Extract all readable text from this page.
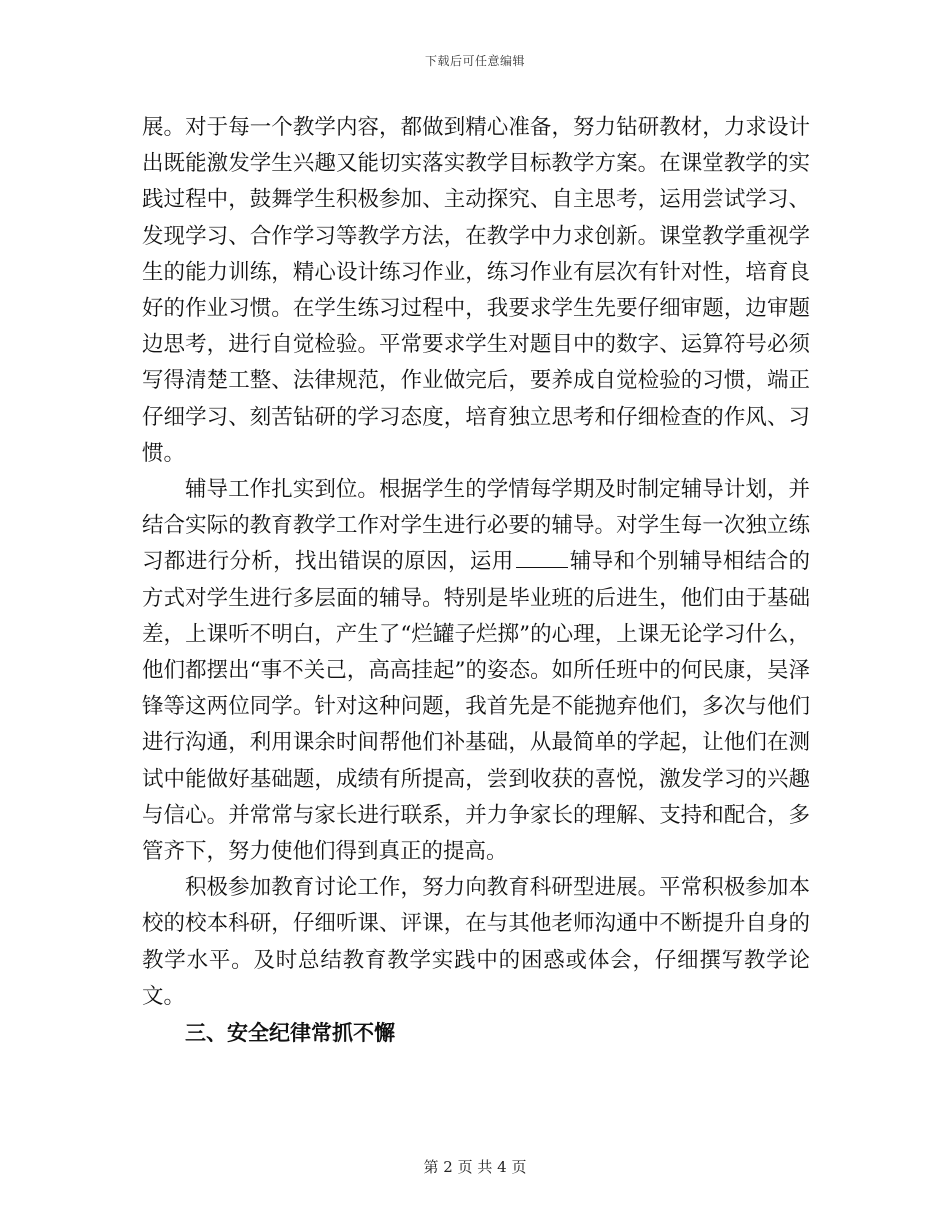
下载后可任意编辑

展。对于每一个教学内容，都做到精心准备，努力钻研教材，力求设计出既能激发学生兴趣又能切实落实教学目标教学方案。在课堂教学的实践过程中，鼓舞学生积极参加、主动探究、自主思考，运用尝试学习、发现学习、合作学习等教学方法，在教学中力求创新。课堂教学重视学生的能力训练，精心设计练习作业，练习作业有层次有针对性，培育良好的作业习惯。在学生练习过程中，我要求学生先要仔细审题，边审题边思考，进行自觉检验。平常要求学生对题目中的数字、运算符号必须写得清楚工整、法律规范，作业做完后，要养成自觉检验的习惯，端正仔细学习、刻苦钻研的学习态度，培育独立思考和仔细检查的作风、习惯。

辅导工作扎实到位。根据学生的学情每学期及时制定辅导计划，并结合实际的教育教学工作对学生进行必要的辅导。对学生每一次独立练习都进行分析，找出错误的原因，运用	辅导和个别辅导相结合的方式对学生进行多层面的辅导。特别是毕业班的后进生，他们由于基础差，上课听不明白，产生了“烂罐子烂掷”的心理，上课无论学习什么，他们都摆出“事不关己，高高挂起”的姿态。如所任班中的何民康，吴泽锋等这两位同学。针对这种问题，我首先是不能抛弃他们，多次与他们进行沟通，利用课余时间帮他们补基础，从最简单的学起，让他们在测试中能做好基础题，成绩有所提高，尝到收获的喜悦，激发学习的兴趣与信心。并常常与家长进行联系，并力争家长的理解、支持和配合，多管齐下，努力使他们得到真正的提高。

积极参加教育讨论工作，努力向教育科研型进展。平常积极参加本校的校本科研，仔细听课、评课，在与其他老师沟通中不断提升自身的教学水平。及时总结教育教学实践中的困惑或体会，仔细撰写教学论文。

三、安全纪律常抓不懈

第 2 页 共 4 页
